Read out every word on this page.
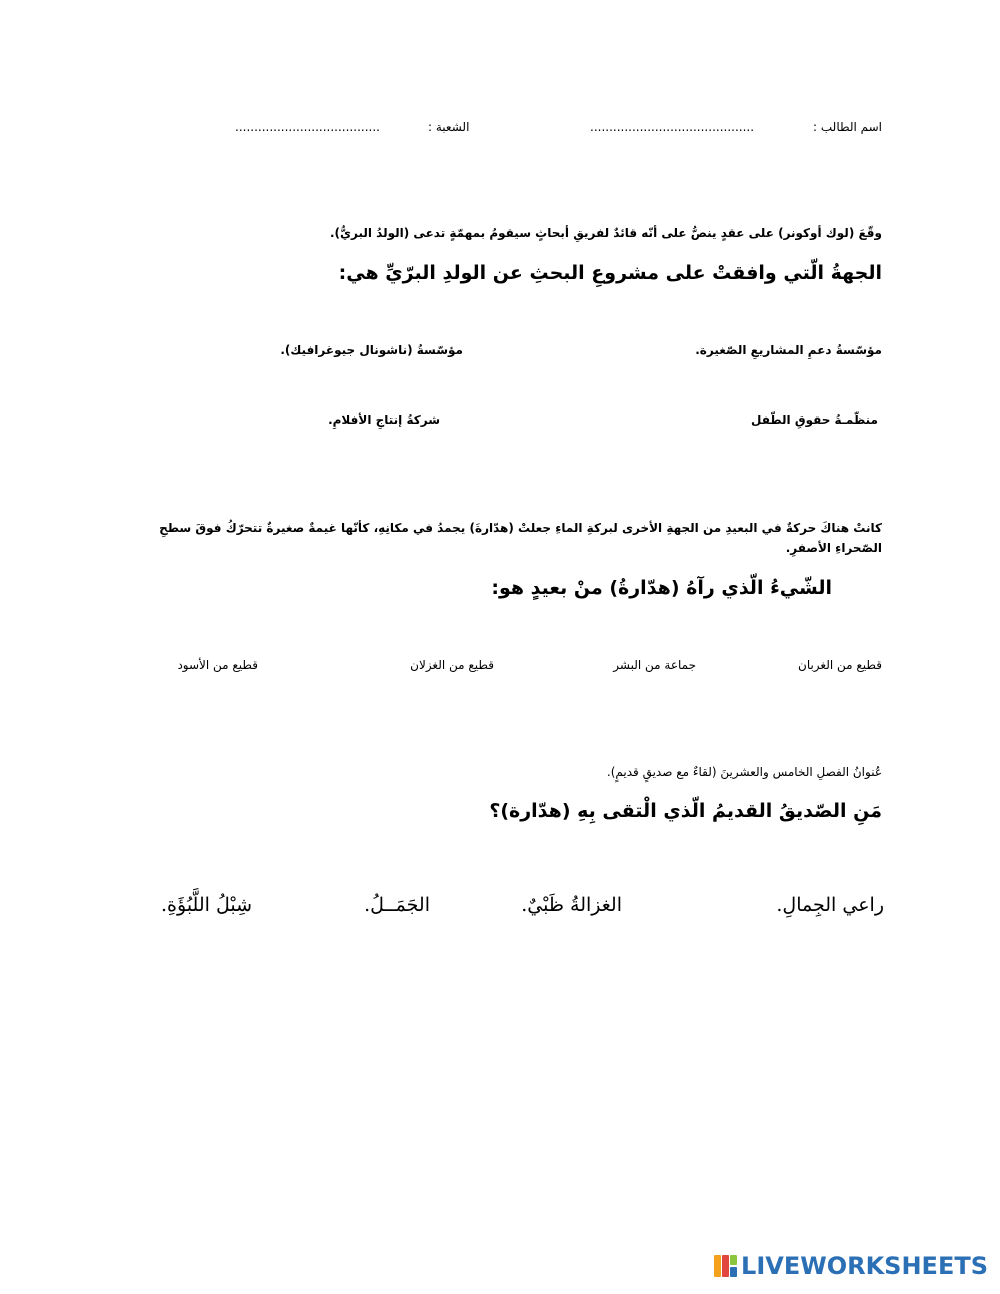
اسم الطالب :
...........................................
الشعبة :
......................................
وقّعَ (لوك أوكونر) على عقدٍ ينصُّ على أنّه قائدٌ لفريقِ أبحاثٍ سيقومُ بمهمّةٍ تدعى (الولدُ البريُّ).
الجهةُ الّتي وافقتْ على مشروعِ البحثِ عن الولدِ البرّيِّ هي:
مؤسّسةُ دعمِ المشاريعِ الصّغيرة.
مؤسّسةُ (ناشونال جيوغرافيك).
منظّمـةُ حقوقِ الطّفل
شركةُ إنتاجِ الأفلامِ.
كانتْ هناكَ حركةٌ في البعيدِ من الجهةِ الأخرى لبركةِ الماءِ جعلتْ (هدّارةَ) يجمدُ في مكانِهِ، كأنّها غيمةٌ صغيرةٌ تتحرّكُ فوقَ سطحِ الصّحراءِ الأصفرِ.
الشّيءُ الّذي رآهُ (هدّارةُ) منْ بعيدٍ هو:
قطيع من الغربان
جماعة من البشر
قطيع من الغزلان
قطيع من الأسود
عُنوانُ الفصلِ الخامس والعشرينَ (لقاءٌ مع صديقٍ قديمٍ).
مَنِ الصّديقُ القديمُ الّذي الْتقى بِهِ (هدّارة)؟
راعي الجِمالِ.
الغزالةُ ظَبْيٌ.
الجَمَــلُ.
شِبْلُ اللَّبُؤَةِ.
LIVEWORKSHEETS
